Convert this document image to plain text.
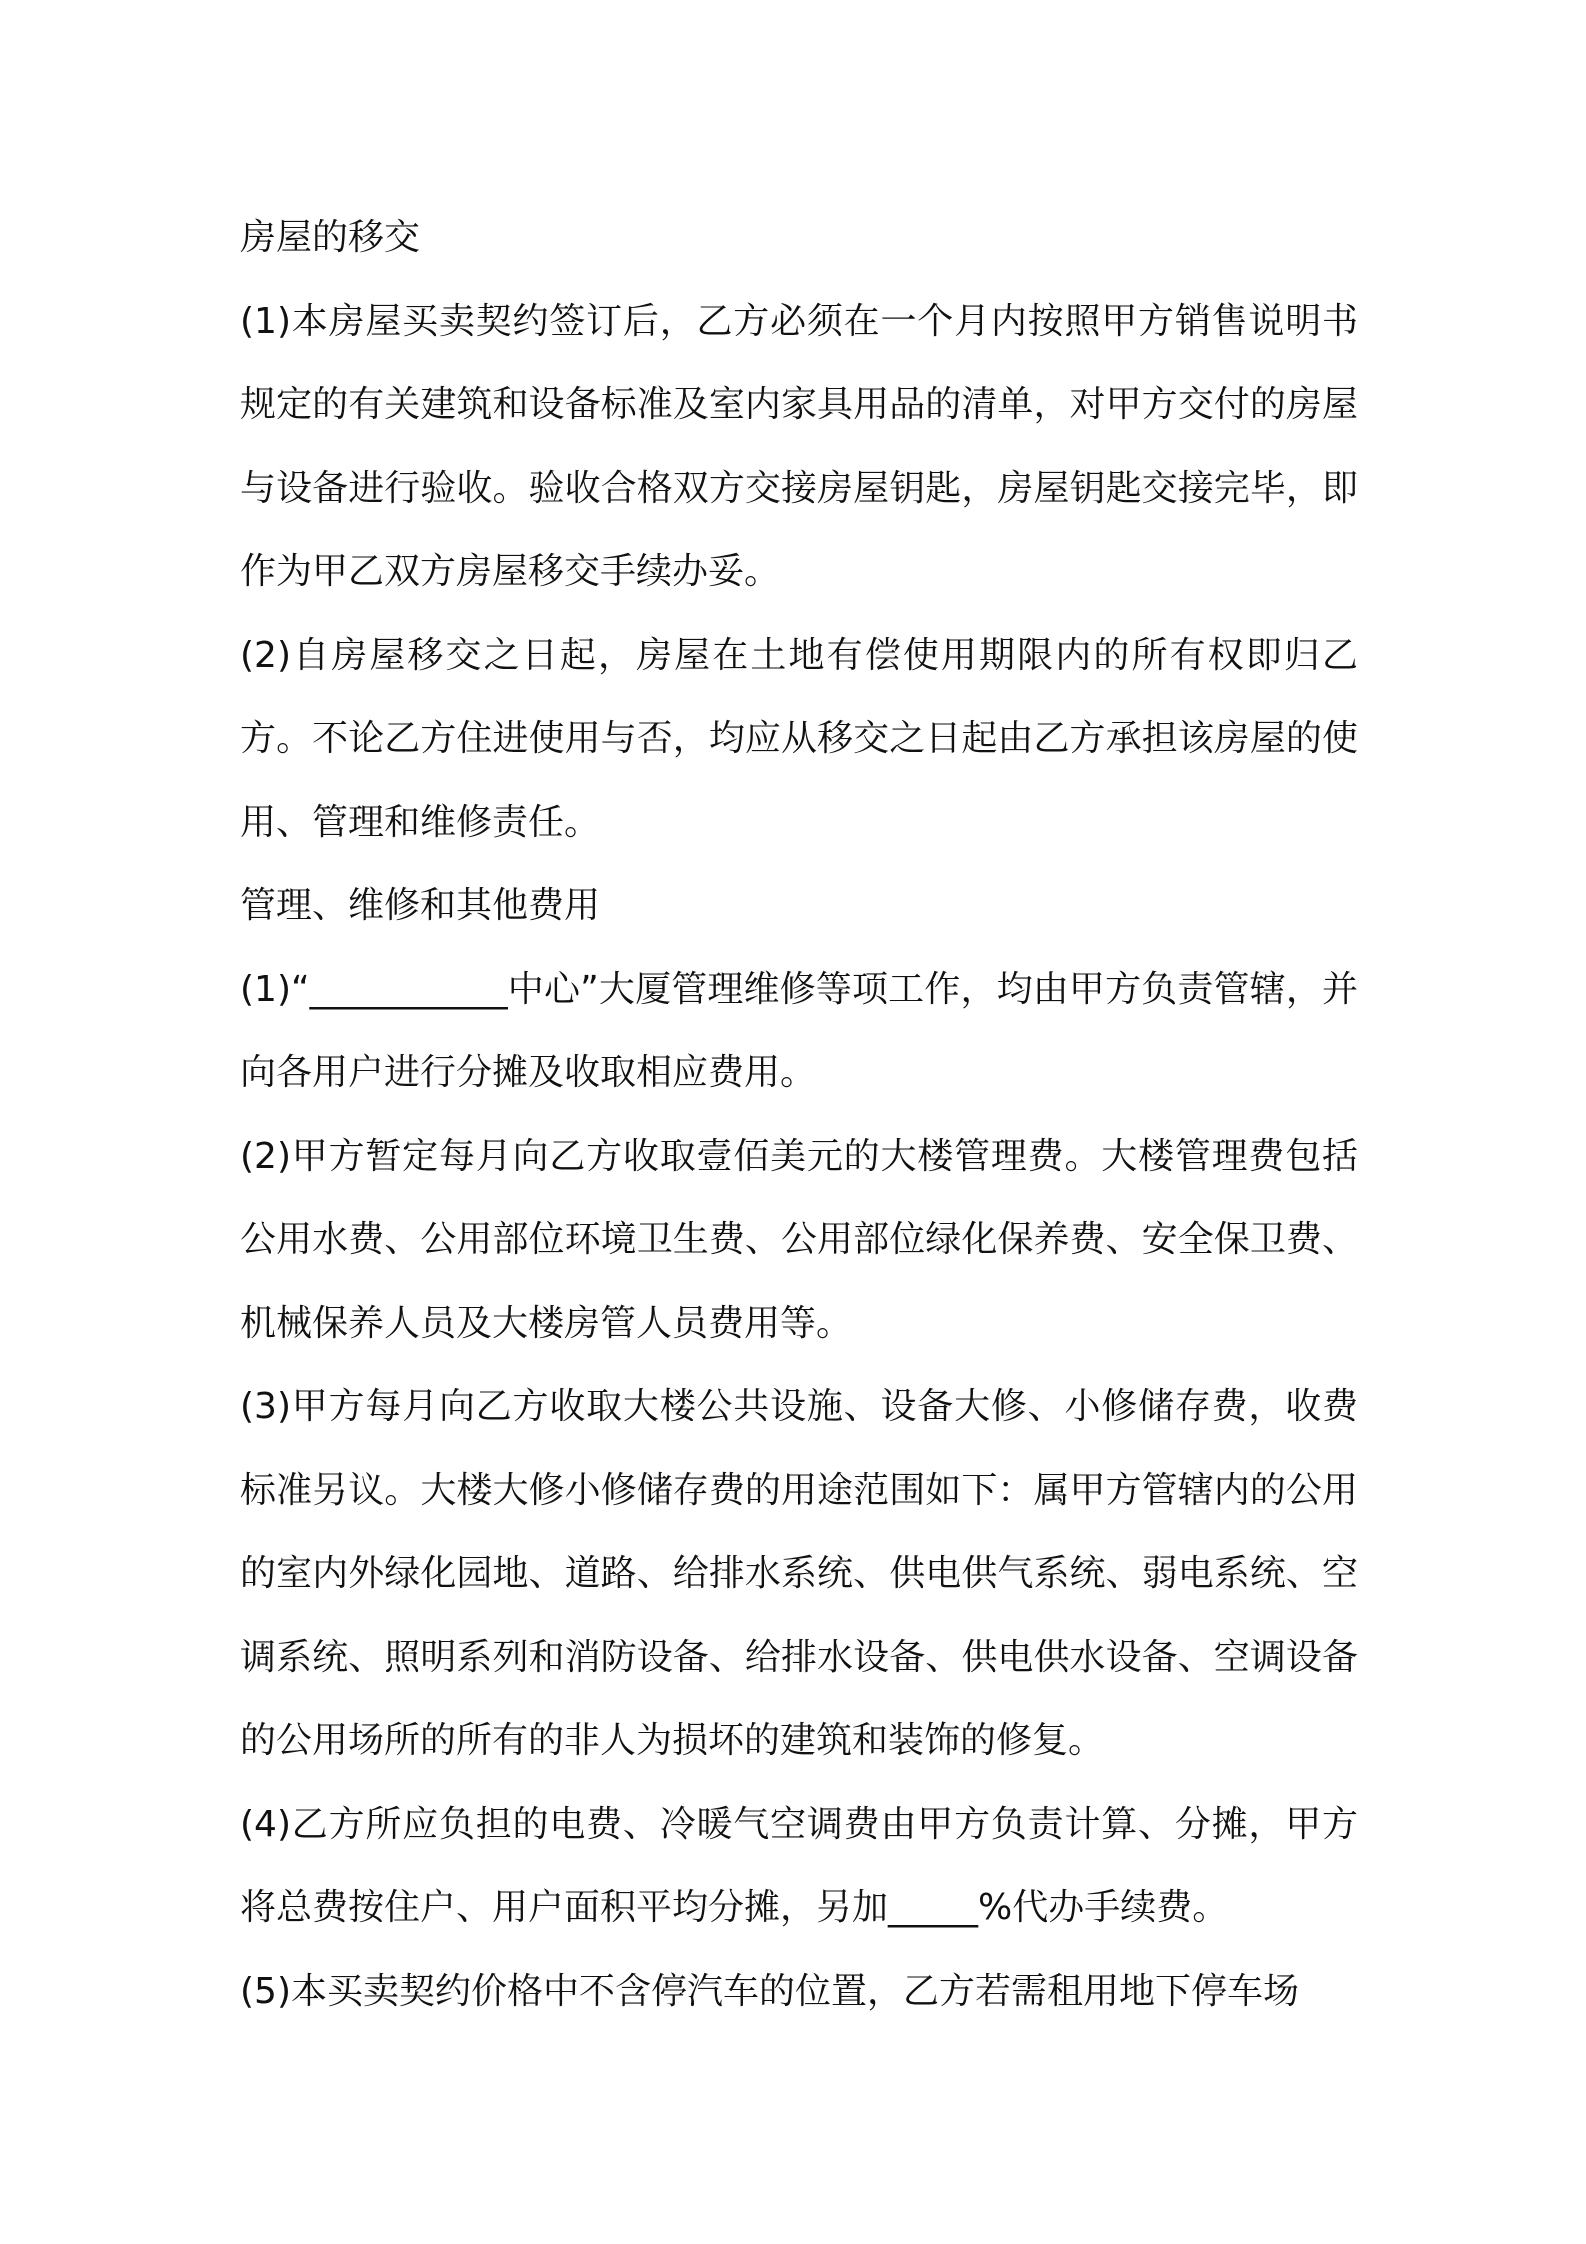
房屋的移交

(1)本房屋买卖契约签订后，乙方必须在一个月内按照甲方销售说明书规定的有关建筑和设备标准及室内家具用品的清单，对甲方交付的房屋与设备进行验收。验收合格双方交接房屋钥匙，房屋钥匙交接完毕，即作为甲乙双方房屋移交手续办妥。

(2)自房屋移交之日起，房屋在土地有偿使用期限内的所有权即归乙方。不论乙方住进使用与否，均应从移交之日起由乙方承担该房屋的使用、管理和维修责任。

管理、维修和其他费用

(1)“___________中心”大厦管理维修等项工作，均由甲方负责管辖，并向各用户进行分摊及收取相应费用。

(2)甲方暂定每月向乙方收取壹佰美元的大楼管理费。大楼管理费包括公用水费、公用部位环境卫生费、公用部位绿化保养费、安全保卫费、机械保养人员及大楼房管人员费用等。

(3)甲方每月向乙方收取大楼公共设施、设备大修、小修储存费，收费标准另议。大楼大修小修储存费的用途范围如下：属甲方管辖内的公用的室内外绿化园地、道路、给排水系统、供电供气系统、弱电系统、空调系统、照明系列和消防设备、给排水设备、供电供水设备、空调设备的公用场所的所有的非人为损坏的建筑和装饰的修复。

(4)乙方所应负担的电费、冷暖气空调费由甲方负责计算、分摊，甲方将总费按住户、用户面积平均分摊，另加_____%代办手续费。

(5)本买卖契约价格中不含停汽车的位置，乙方若需租用地下停车场
